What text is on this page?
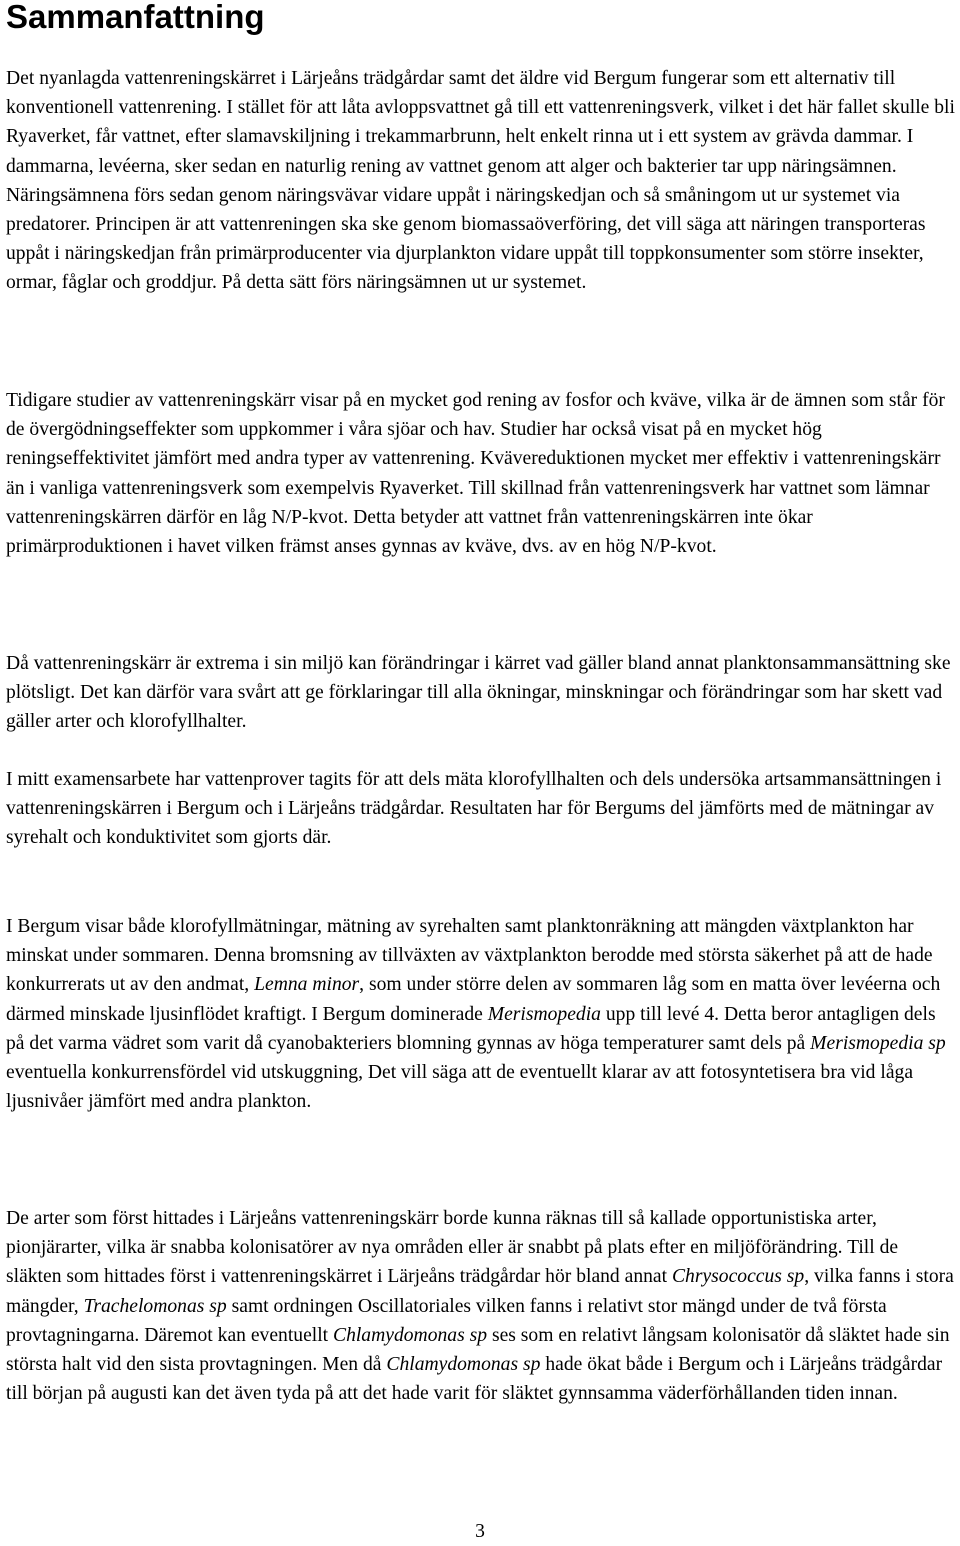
Sammanfattning

Det nyanlagda vattenreningskärret i Lärjeåns trädgårdar samt det äldre vid Bergum fungerar som ett alternativ till konventionell vattenrening. I stället för att låta avloppsvattnet gå till ett vattenreningsverk, vilket i det här fallet skulle bli Ryaverket, får vattnet, efter slamavskiljning i trekammarbrunn, helt enkelt rinna ut i ett system av grävda dammar. I dammarna, levéerna, sker sedan en naturlig rening av vattnet genom att alger och bakterier tar upp näringsämnen. Näringsämnena förs sedan genom näringsvävar vidare uppåt i näringskedjan och så småningom ut ur systemet via predatorer. Principen är att vattenreningen ska ske genom biomassaöverföring, det vill säga att näringen transporteras uppåt i näringskedjan från primärproducenter via djurplankton vidare uppåt till toppkonsumenter som större insekter, ormar, fåglar och groddjur. På detta sätt förs näringsämnen ut ur systemet.

Tidigare studier av vattenreningskärr visar på en mycket god rening av fosfor och kväve, vilka är de ämnen som står för de övergödningseffekter som uppkommer i våra sjöar och hav. Studier har också visat på en mycket hög reningseffektivitet jämfört med andra typer av vattenrening. Kvävereduktionen mycket mer effektiv i vattenreningskärr än i vanliga vattenreningsverk som exempelvis Ryaverket. Till skillnad från vattenreningsverk har vattnet som lämnar vattenreningskärren därför en låg N/P-kvot. Detta betyder att vattnet från vattenreningskärren inte ökar primärproduktionen i havet vilken främst anses gynnas av kväve, dvs. av en hög N/P-kvot.

Då vattenreningskärr är extrema i sin miljö kan förändringar i kärret vad gäller bland annat planktonsammansättning ske plötsligt. Det kan därför vara svårt att ge förklaringar till alla ökningar, minskningar och förändringar som har skett vad gäller arter och klorofyllhalter.

I mitt examensarbete har vattenprover tagits för att dels mäta klorofyllhalten och dels undersöka artsammansättningen i vattenreningskärren i Bergum och i Lärjeåns trädgårdar. Resultaten har för Bergums del jämförts med de mätningar av syrehalt och konduktivitet som gjorts där.

I Bergum visar både klorofyllmätningar, mätning av syrehalten samt planktonräkning att mängden växtplankton har minskat under sommaren. Denna bromsning av tillväxten av växtplankton berodde med största säkerhet på att de hade konkurrerats ut av den andmat, Lemna minor, som under större delen av sommaren låg som en matta över levéerna och därmed minskade ljusinflödet kraftigt. I Bergum dominerade Merismopedia upp till levé 4. Detta beror antagligen dels på det varma vädret som varit då cyanobakteriers blomning gynnas av höga temperaturer samt dels på Merismopedia sp eventuella konkurrensfördel vid utskuggning, Det vill säga att de eventuellt klarar av att fotosyntetisera bra vid låga ljusnivåer jämfört med andra plankton.

De arter som först hittades i Lärjeåns vattenreningskärr borde kunna räknas till så kallade opportunistiska arter, pionjärarter, vilka är snabba kolonisatörer av nya områden eller är snabbt på plats efter en miljöförändring. Till de släkten som hittades först i vattenreningskärret i Lärjeåns trädgårdar hör bland annat Chrysococcus sp, vilka fanns i stora mängder, Trachelomonas sp samt ordningen Oscillatoriales vilken fanns i relativt stor mängd under de två första provtagningarna. Däremot kan eventuellt Chlamydomonas sp ses som en relativt långsam kolonisatör då släktet hade sin största halt vid den sista provtagningen. Men då Chlamydomonas sp hade ökat både i Bergum och i Lärjeåns trädgårdar till början på augusti kan det även tyda på att det hade varit för släktet gynnsamma väderförhållanden tiden innan.

3
